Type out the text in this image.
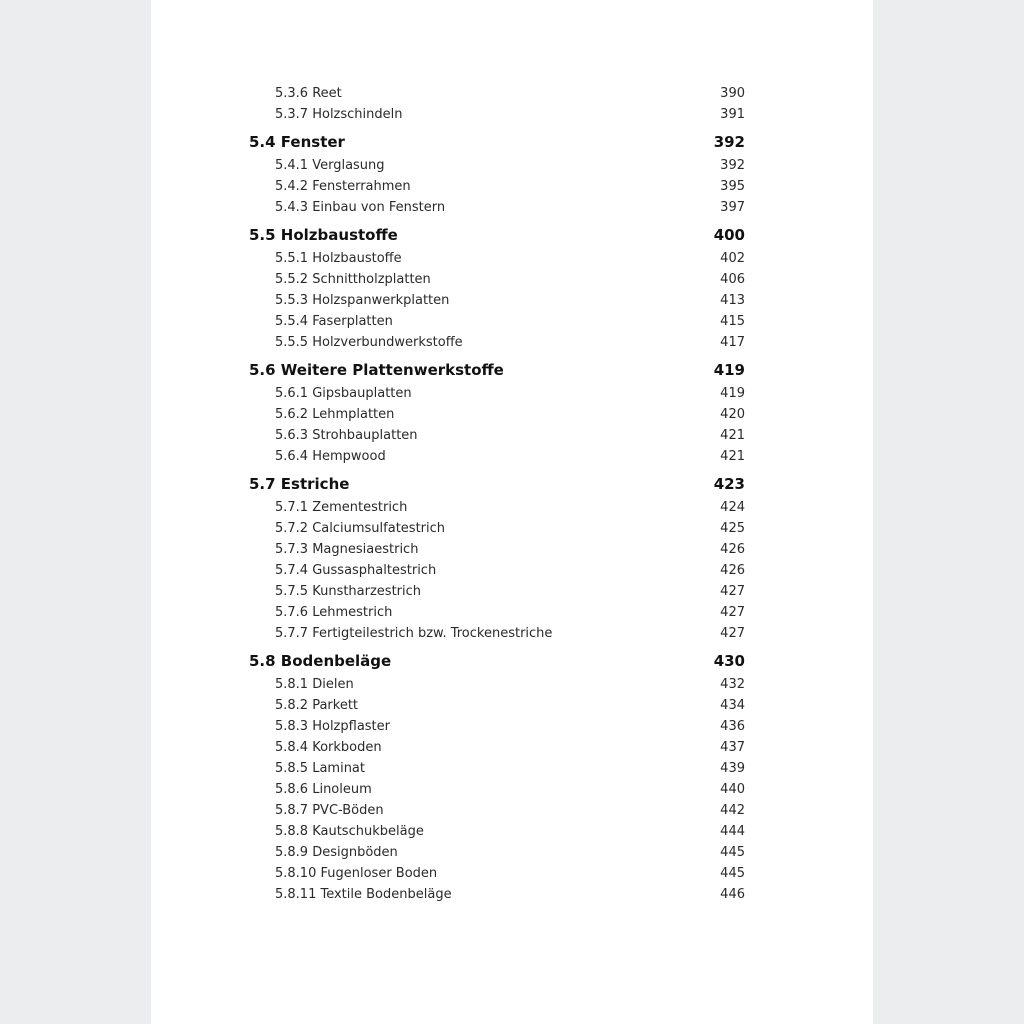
5.3.6 Reet	390
5.3.7 Holzschindeln	391
5.4 Fenster	392
5.4.1 Verglasung	392
5.4.2 Fensterrahmen	395
5.4.3 Einbau von Fenstern	397
5.5 Holzbaustoffe	400
5.5.1 Holzbaustoffe	402
5.5.2 Schnittholzplatten	406
5.5.3 Holzspanwerkplatten	413
5.5.4 Faserplatten	415
5.5.5 Holzverbundwerkstoffe	417
5.6 Weitere Plattenwerkstoffe	419
5.6.1 Gipsbauplatten	419
5.6.2 Lehmplatten	420
5.6.3 Strohbauplatten	421
5.6.4 Hempwood	421
5.7 Estriche	423
5.7.1 Zementestrich	424
5.7.2 Calciumsulfatestrich	425
5.7.3 Magnesiaestrich	426
5.7.4 Gussasphaltestrich	426
5.7.5 Kunstharzestrich	427
5.7.6 Lehmestrich	427
5.7.7 Fertigteilestrich bzw. Trockenestriche	427
5.8 Bodenbeläge	430
5.8.1 Dielen	432
5.8.2 Parkett	434
5.8.3 Holzpflaster	436
5.8.4 Korkboden	437
5.8.5 Laminat	439
5.8.6 Linoleum	440
5.8.7 PVC-Böden	442
5.8.8 Kautschukbeläge	444
5.8.9 Designböden	445
5.8.10 Fugenloser Boden	445
5.8.11 Textile Bodenbeläge	446
